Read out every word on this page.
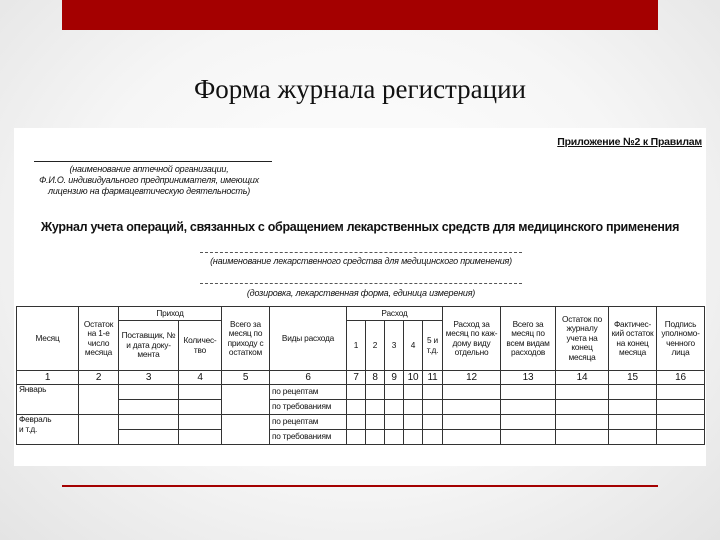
Форма журнала регистрации
Приложение №2 к Правилам
(наименование аптечной организации,
Ф.И.О. индивидуального предпринимателя, имеющих
лицензию на фармацевтическую деятельность)
Журнал учета операций, связанных с обращением лекарственных средств для медицинского применения
(наименование лекарственного средства для медицинского применения)
(дозировка, лекарственная форма, единица измерения)
Месяц	Остаток на 1-е число месяца	Приход		Всего за месяц по приходу с остатком	Виды расхода	Расход					Расход за месяц по каж-дому виду отдельно	Всего за месяц по всем видам расходов	Остаток по журналу учета на конец месяца	Фактичес-кий остаток на конец месяца	Подпись уполномо-ченного лица
		Поставщик, № и дата доку-мента	Количес-тво			1	2	3	4	5 и т.д.					
1	2	3	4	5	6	7	8	9	10	11	12	13	14	15	16
Январь					по рецептам										
					по требованиям										

Февраль
и т.д.					по рецептам										
					по требованиям										
